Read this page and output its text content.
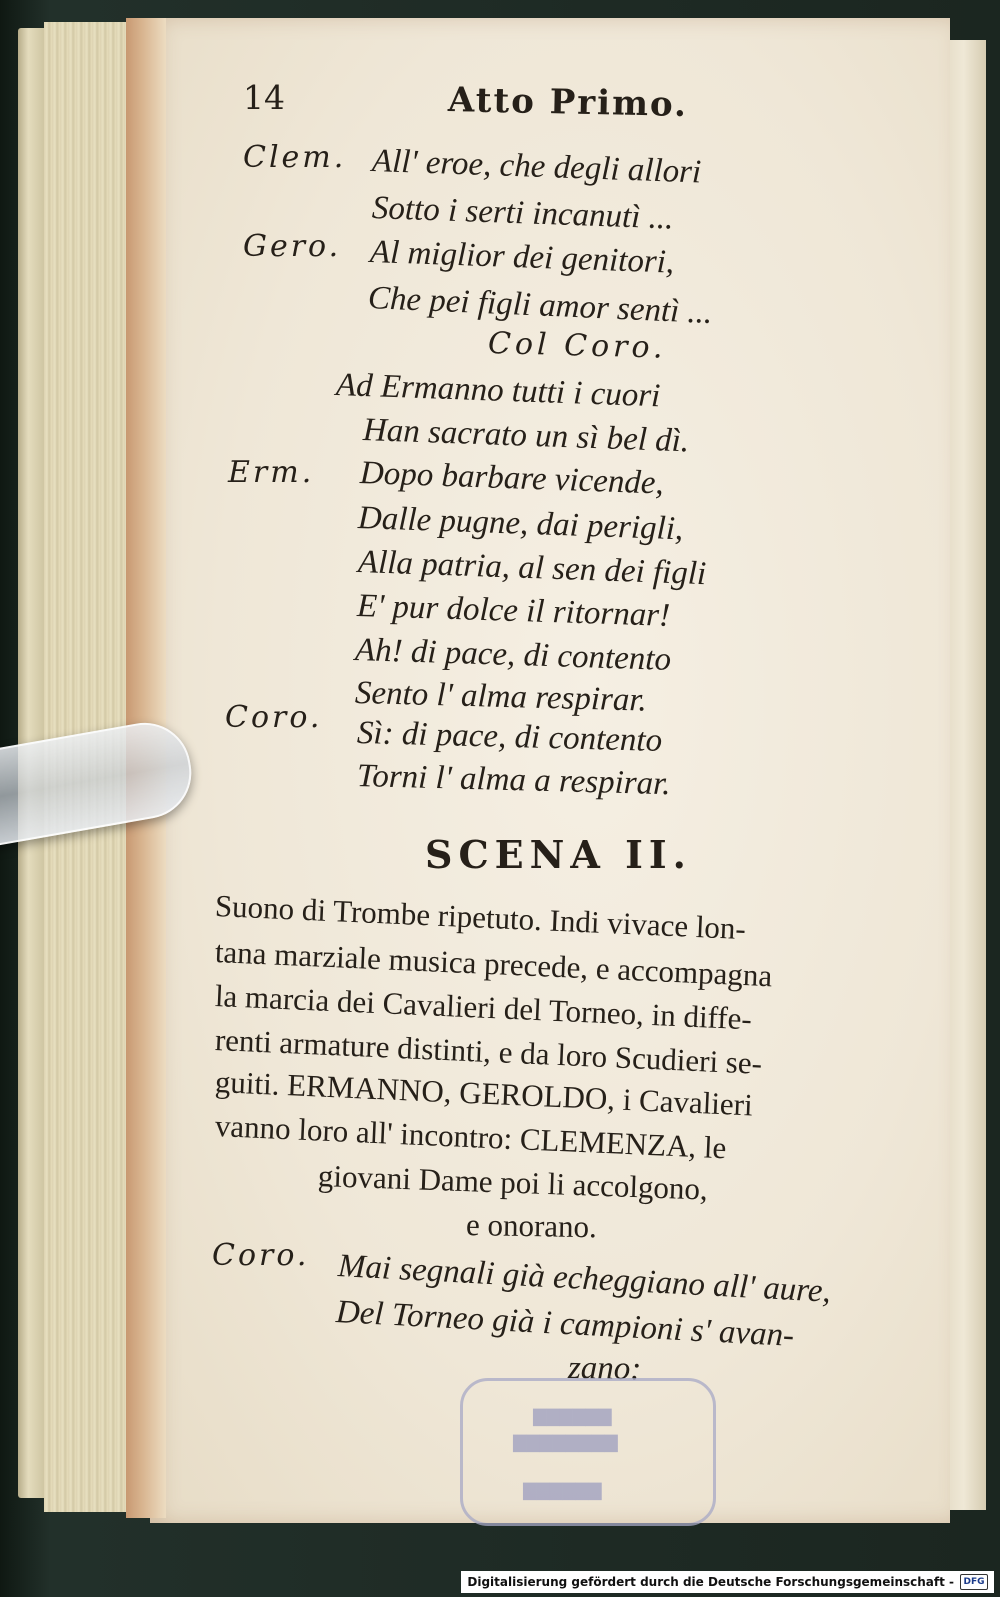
14	Atto Primo.
Clem. All' eroe, che degli allori
Sotto i serti incanutì ...
Gero. Al miglior dei genitori,
Che pei figli amor sentì ...
Col Coro.
Ad Ermanno tutti i cuori
Han sacrato un sì bel dì.
Erm. Dopo barbare vicende,
Dalle pugne, dai perigli,
Alla patria, al sen dei figli
E' pur dolce il ritornar!
Ah! di pace, di contento
Sento l' alma respirar.
Coro. Sì: di pace, di contento
Torni l' alma a respirar.
SCENA II.
Suono di Trombe ripetuto. Indi vivace lon-
tana marziale musica precede, e accompagna
la marcia dei Cavalieri del Torneo, in diffe-
renti armature distinti, e da loro Scudieri se-
guiti. ERMANNO, GEROLDO, i Cavalieri
vanno loro all' incontro: CLEMENZA, le
giovani Dame poi li accolgono,
e onorano.
Coro. Mai segnali già echeggiano all' aure,
Del Torneo già i campioni s' avan-
zano:
▇▇▇▇▇▇
▇▇▇▇▇▇▇▇
▇▇▇▇▇▇
Digitalisierung gefördert durch die Deutsche Forschungsgemeinschaft -	DFG
